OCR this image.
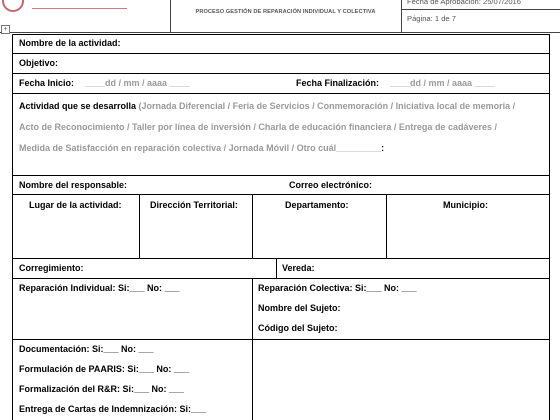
PROCESO GESTIÓN DE REPARACIÓN INDIVIDUAL Y COLECTIVA
Fecha de Aprobación: 25/07/2016
Página: 1 de 7
+
Nombre de la actividad:
Objetivo:
Fecha Inicio: ____dd / mm / aaaa ____	Fecha Finalización: ____dd / mm / aaaa ____
Actividad que se desarrolla (Jornada Diferencial / Feria de Servicios / Conmemoración / Iniciativa local de memoria /
Acto de Reconocimiento / Taller por línea de inversión / Charla de educación financiera / Entrega de cadáveres /
Medida de Satisfacción en reparación colectiva / Jornada Móvil / Otro cuál_________:
Nombre del responsable:	Correo electrónico:
Lugar de la actividad:	Dirección Territorial:	Departamento:	Municipio:
Corregimiento:	Vereda:
Reparación Individual: Si:___ No: ___	Reparación Colectiva: Si:___ No: ___
Nombre del Sujeto:
Código del Sujeto:
Documentación: Si:___ No: ___
Formulación de PAARIS: Si:___ No: ___
Formalización del R&R: Si:___ No: ___
Entrega de Cartas de Indemnización: Si:___
